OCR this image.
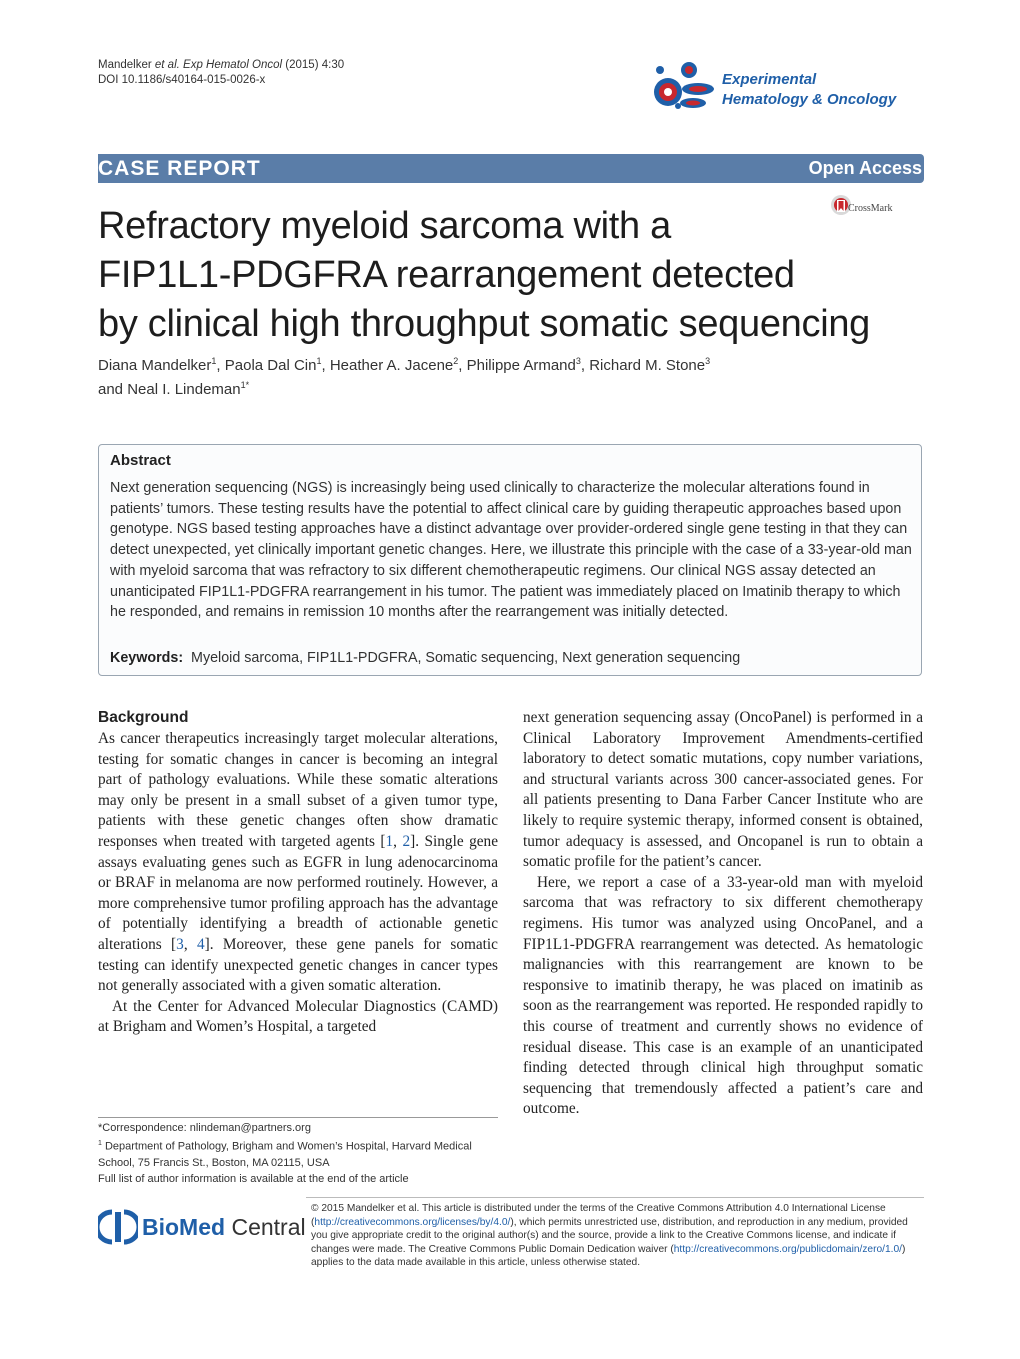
Mandelker et al. Exp Hematol Oncol (2015) 4:30
DOI 10.1186/s40164-015-0026-x	Experimental
Hematology & Oncology
CASE REPORT	Open Access
CrossMark
Refractory myeloid sarcoma with a
FIP1L1-PDGFRA rearrangement detected
by clinical high throughput somatic sequencing
Diana Mandelker$^1$, Paola Dal Cin$^1$, Heather A. Jacene$^2$, Philippe Armand$^3$, Richard M. Stone$^3$
and Neal I. Lindeman$^{1*}$
Abstract
Next generation sequencing (NGS) is increasingly being used clinically to characterize the molecular alterations found in patients’ tumors. These testing results have the potential to affect clinical care by guiding therapeutic approaches based upon genotype. NGS based testing approaches have a distinct advantage over provider-ordered single gene testing in that they can detect unexpected, yet clinically important genetic changes. Here, we illustrate this principle with the case of a 33-year-old man with myeloid sarcoma that was refractory to six different chemotherapeutic regimens. Our clinical NGS assay detected an unanticipated FIP1L1-PDGFRA rearrangement in his tumor. The patient was immediately placed on Imatinib therapy to which he responded, and remains in remission 10 months after the rearrangement was initially detected.
Keywords: Myeloid sarcoma, FIP1L1-PDGFRA, Somatic sequencing, Next generation sequencing
Background

As cancer therapeutics increasingly target molecular alterations, testing for somatic changes in cancer is becoming an integral part of pathology evaluations. While these somatic alterations may only be present in a small subset of a given tumor type, patients with these genetic changes often show dramatic responses when treated with targeted agents [1, 2]. Single gene assays evaluating genes such as EGFR in lung adenocarcinoma or BRAF in melanoma are now performed routinely. However, a more comprehensive tumor profiling approach has the advantage of potentially identifying a breadth of actionable genetic alterations [3, 4]. Moreover, these gene panels for somatic testing can identify unexpected genetic changes in cancer types not generally associated with a given somatic alteration.

At the Center for Advanced Molecular Diagnostics (CAMD) at Brigham and Women’s Hospital, a targeted

next generation sequencing assay (OncoPanel) is performed in a Clinical Laboratory Improvement Amendments-certified laboratory to detect somatic mutations, copy number variations, and structural variants across 300 cancer-associated genes. For all patients presenting to Dana Farber Cancer Institute who are likely to require systemic therapy, informed consent is obtained, tumor adequacy is assessed, and Oncopanel is run to obtain a somatic profile for the patient’s cancer.

Here, we report a case of a 33-year-old man with myeloid sarcoma that was refractory to six different chemotherapy regimens. His tumor was analyzed using OncoPanel, and a FIP1L1-PDGFRA rearrangement was detected. As hematologic malignancies with this rearrangement are known to be responsive to imatinib therapy, he was placed on imatinib as soon as the rearrangement was reported. He responded rapidly to this course of treatment and currently shows no evidence of residual disease. This case is an example of an unanticipated finding detected through clinical high throughput somatic sequencing that tremendously affected a patient’s care and outcome.

*Correspondence: nlindeman@partners.org
$^1$ Department of Pathology, Brigham and Women’s Hospital, Harvard Medical School, 75 Francis St., Boston, MA 02115, USA
Full list of author information is available at the end of the article
BioMed Central
© 2015 Mandelker et al. This article is distributed under the terms of the Creative Commons Attribution 4.0 International License (http://creativecommons.org/licenses/by/4.0/), which permits unrestricted use, distribution, and reproduction in any medium, provided you give appropriate credit to the original author(s) and the source, provide a link to the Creative Commons license, and indicate if changes were made. The Creative Commons Public Domain Dedication waiver (http://creativecommons.org/publicdomain/zero/1.0/) applies to the data made available in this article, unless otherwise stated.
